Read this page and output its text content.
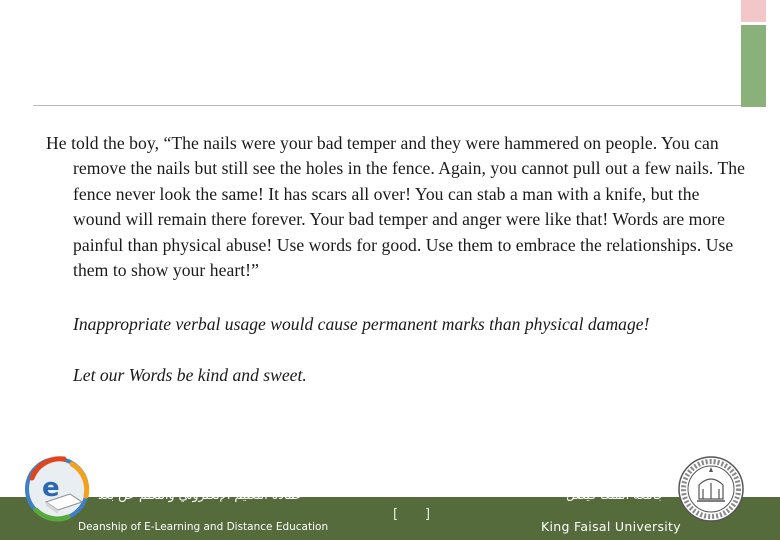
He told the boy, “The nails were your bad temper and they were hammered on people. You can remove the nails but still see the holes in the fence. Again, you cannot pull out a few nails. The fence never look the same! It has scars all over! You can stab a man with a knife, but the wound will remain there forever. Your bad temper and anger were like that! Words are more painful than physical abuse! Use words for good. Use them to embrace the relationships. Use them to show your heart!”

Inappropriate verbal usage would cause permanent marks than physical damage!
Let our Words be kind and sweet.
عمادة التعليم الإلكتروني والتعلم عن بعد
Deanship of E-Learning and Distance Education
[ ]
جامعة الملك فيصل
King Faisal University
e
